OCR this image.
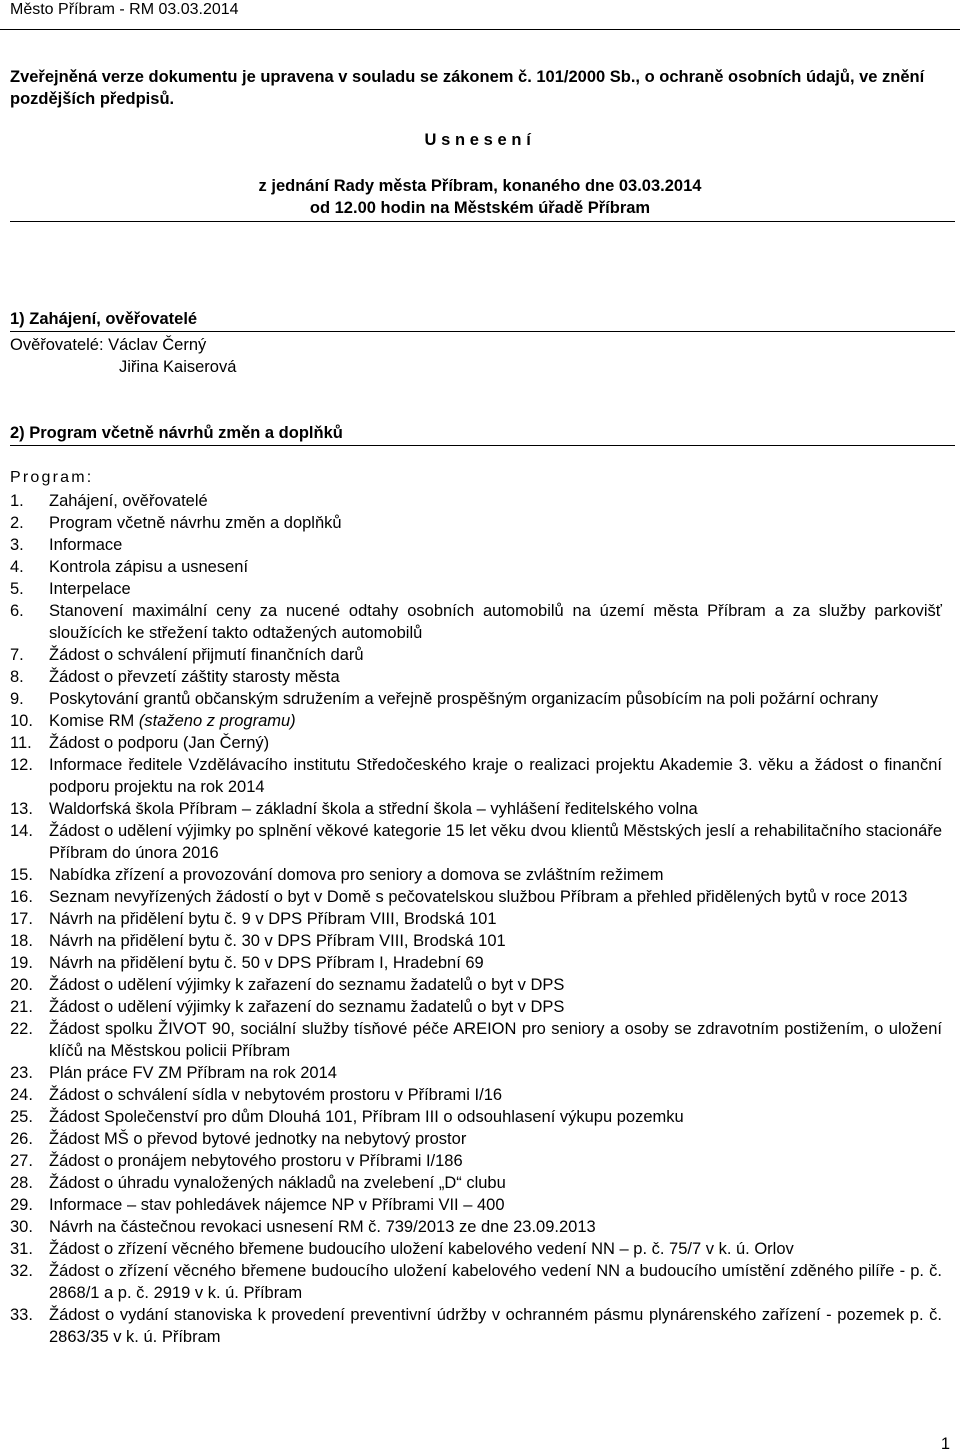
Město Příbram - RM 03.03.2014
Zveřejněná verze dokumentu je upravena v souladu se zákonem č. 101/2000 Sb., o ochraně osobních údajů, ve znění pozdějších předpisů.
Usnesení
z jednání Rady města Příbram, konaného dne 03.03.2014
od 12.00 hodin na Městském úřadě Příbram
1) Zahájení, ověřovatelé
Ověřovatelé: Václav Černý
Jiřina Kaiserová
2) Program včetně návrhů změn a doplňků
Program:
1.	Zahájení, ověřovatelé
2.	Program včetně návrhu změn a doplňků
3.	Informace
4.	Kontrola zápisu a usnesení
5.	Interpelace
6.	Stanovení maximální ceny za nucené odtahy osobních automobilů na území města Příbram a za služby parkovišť sloužících ke střežení takto odtažených automobilů
7.	Žádost o schválení přijmutí finančních darů
8.	Žádost o převzetí záštity starosty města
9.	Poskytování grantů občanským sdružením a veřejně prospěšným organizacím působícím na poli požární ochrany
10. Komise RM (staženo z programu)
11.	Žádost o podporu (Jan Černý)
12. Informace ředitele Vzdělávacího institutu Středočeského kraje o realizaci projektu Akademie 3. věku a žádost o finanční podporu projektu na rok 2014
13. Waldorfská škola Příbram – základní škola a střední škola – vyhlášení ředitelského volna
14. Žádost o udělení výjimky po splnění věkové kategorie 15 let věku dvou klientů Městských jeslí a rehabilitačního stacionáře Příbram do února 2016
15. Nabídka zřízení a provozování domova pro seniory a domova se zvláštním režimem
16. Seznam nevyřízených žádostí o byt v Domě s pečovatelskou službou Příbram a přehled přidělených bytů v roce 2013
17. Návrh na přidělení bytu č. 9 v DPS Příbram VIII, Brodská 101
18. Návrh na přidělení bytu č. 30 v DPS Příbram VIII, Brodská 101
19. Návrh na přidělení bytu č. 50 v DPS Příbram I, Hradební 69
20. Žádost o udělení výjimky k zařazení do seznamu žadatelů o byt v DPS
21. Žádost o udělení výjimky k zařazení do seznamu žadatelů o byt v DPS
22. Žádost spolku ŽIVOT 90, sociální služby tísňové péče AREION pro seniory a osoby se zdravotním postižením, o uložení klíčů na Městskou policii Příbram
23. Plán práce FV ZM Příbram na rok 2014
24. Žádost o schválení sídla v nebytovém prostoru v Příbrami I/16
25. Žádost Společenství pro dům Dlouhá 101, Příbram III o odsouhlasení výkupu pozemku
26. Žádost MŠ o převod bytové jednotky na nebytový prostor
27. Žádost o pronájem nebytového prostoru v Příbrami I/186
28. Žádost o úhradu vynaložených nákladů na zvelebení „D“ clubu
29. Informace – stav pohledávek nájemce NP v Příbrami VII – 400
30. Návrh na částečnou revokaci usnesení RM č. 739/2013 ze dne 23.09.2013
31. Žádost o zřízení věcného břemene budoucího uložení kabelového vedení NN – p. č. 75/7 v k. ú. Orlov
32. Žádost o zřízení věcného břemene budoucího uložení kabelového vedení NN a budoucího umístění zděného pilíře - p. č. 2868/1 a p. č. 2919 v k. ú. Příbram
33. Žádost o vydání stanoviska k provedení preventivní údržby v ochranném pásmu plynárenského zařízení - pozemek p. č. 2863/35 v k. ú. Příbram
1
